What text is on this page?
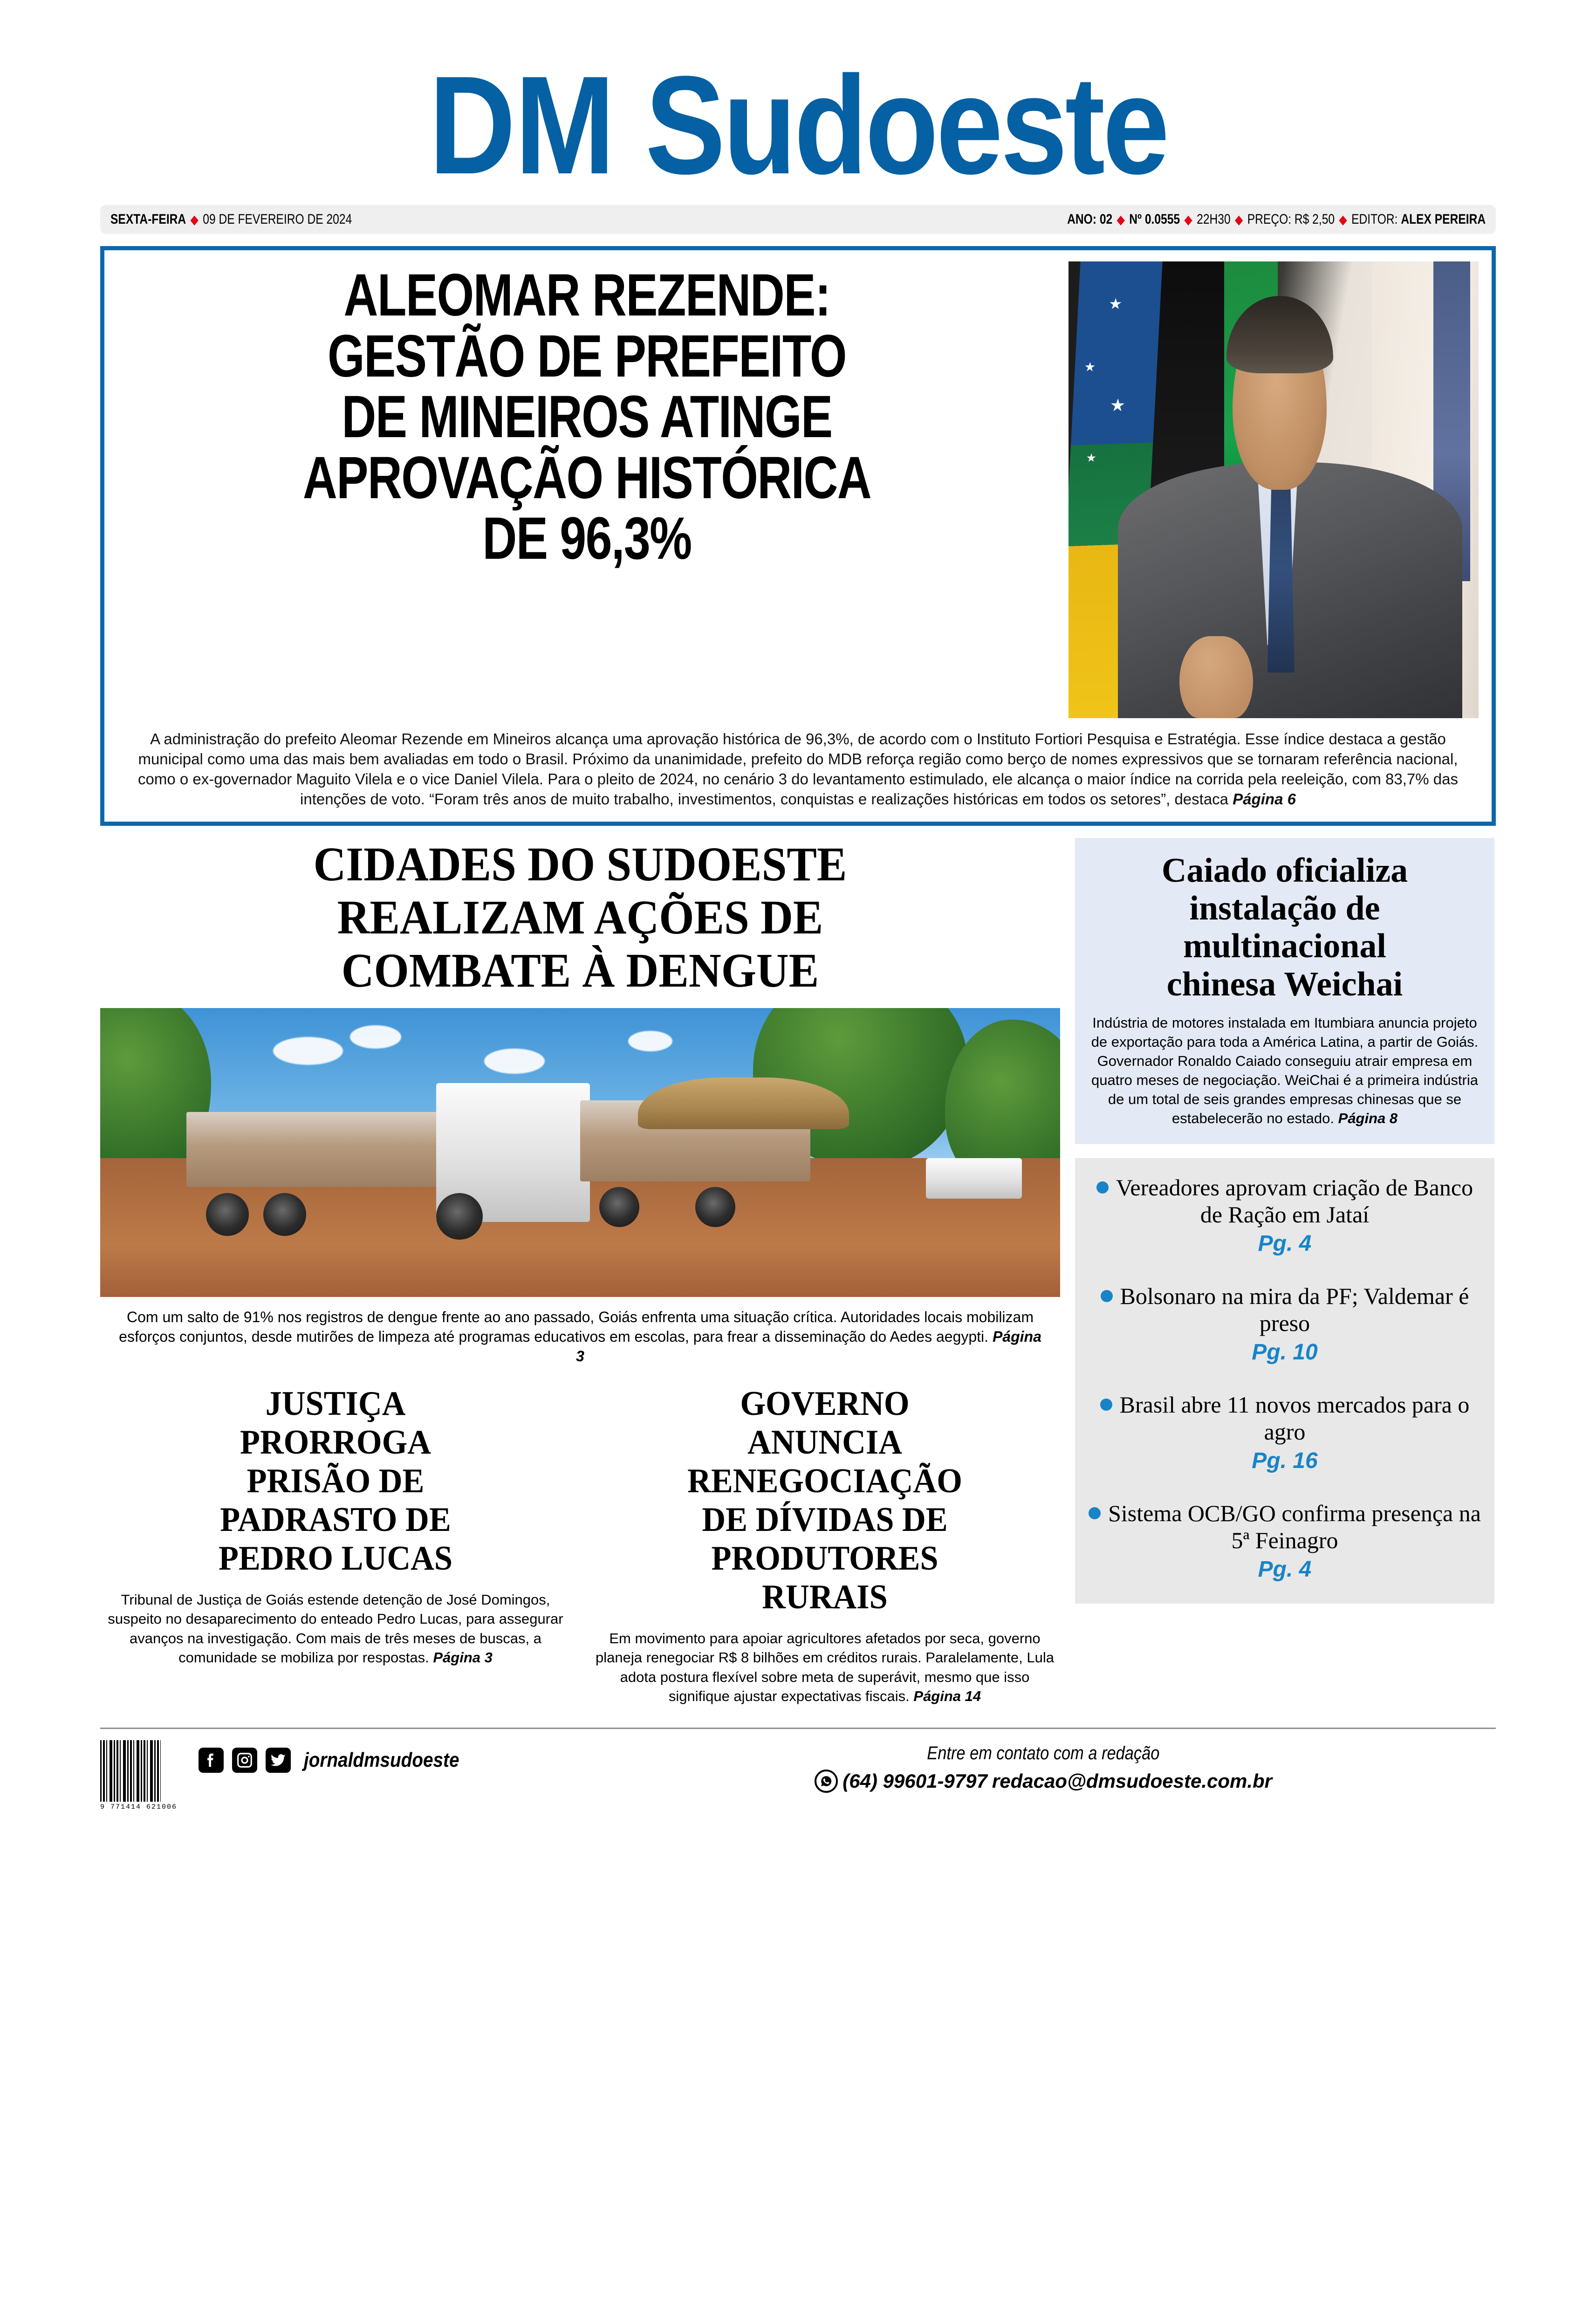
DM Sudoeste
SEXTA-FEIRA ◆ 09 DE FEVEREIRO DE 2024	ANO: 02 ◆ Nº 0.0555 ◆ 22H30 ◆ PREÇO: R$ 2,50 ◆ EDITOR:
ALEX PEREIRA
ALEOMAR REZENDE:
GESTÃO DE PREFEITO
DE MINEIROS ATINGE
APROVAÇÃO HISTÓRICA
DE 96,3%
A administração do prefeito Aleomar Rezende em Mineiros alcança uma aprovação histórica de 96,3%, de acordo com o Instituto Fortiori Pesquisa e Estratégia. Esse índice destaca a gestão municipal como uma das mais bem avaliadas em todo o Brasil. Próximo da unanimidade, prefeito do MDB reforça região como berço de nomes expressivos que se tornaram referência nacional, como o ex-governador Maguito Vilela e o vice Daniel Vilela. Para o pleito de 2024, no cenário 3 do levantamento estimulado, ele alcança o maior índice na corrida pela reeleição, com 83,7% das intenções de voto. “Foram três anos de muito trabalho, investimentos, conquistas e realizações históricas em todos os setores”, destaca Página 6
CIDADES DO SUDOESTE
REALIZAM AÇÕES DE
COMBATE À DENGUE
Com um salto de 91% nos registros de dengue frente ao ano passado, Goiás enfrenta uma situação crítica. Autoridades locais mobilizam esforços conjuntos, desde mutirões de limpeza até programas educativos em escolas, para frear a disseminação do Aedes aegypti. Página 3
JUSTIÇA
PRORROGA
PRISÃO DE
PADRASTO DE
PEDRO LUCAS
Tribunal de Justiça de Goiás estende detenção de José Domingos, suspeito no desaparecimento do enteado Pedro Lucas, para assegurar avanços na investigação. Com mais de três meses de buscas, a comunidade se mobiliza por respostas. Página 3
GOVERNO
ANUNCIA
RENEGOCIAÇÃO
DE DÍVIDAS DE
PRODUTORES
RURAIS
Em movimento para apoiar agricultores afetados por seca, governo planeja renegociar R$ 8 bilhões em créditos rurais. Paralelamente, Lula adota postura flexível sobre meta de superávit, mesmo que isso signifique ajustar expectativas fiscais. Página 14
Caiado oficializa
instalação de
multinacional
chinesa Weichai
Indústria de motores instalada em Itumbiara anuncia projeto de exportação para toda a América Latina, a partir de Goiás. Governador Ronaldo Caiado conseguiu atrair empresa em quatro meses de negociação. WeiChai é a primeira indústria de um total de seis grandes empresas chinesas que se estabelecerão no estado. Página 8
Vereadores aprovam criação de Banco de Ração em Jataí
Pg. 4
Bolsonaro na mira da PF; Valdemar é preso
Pg. 10
Brasil abre 11 novos mercados para o agro
Pg. 16
Sistema OCB/GO confirma presença na 5ª Feinagro
Pg. 4
9 771414 621006
jornaldmsudoeste	Entre em contato com a redação
(64) 99601-9797 redacao@dmsudoeste.com.br
